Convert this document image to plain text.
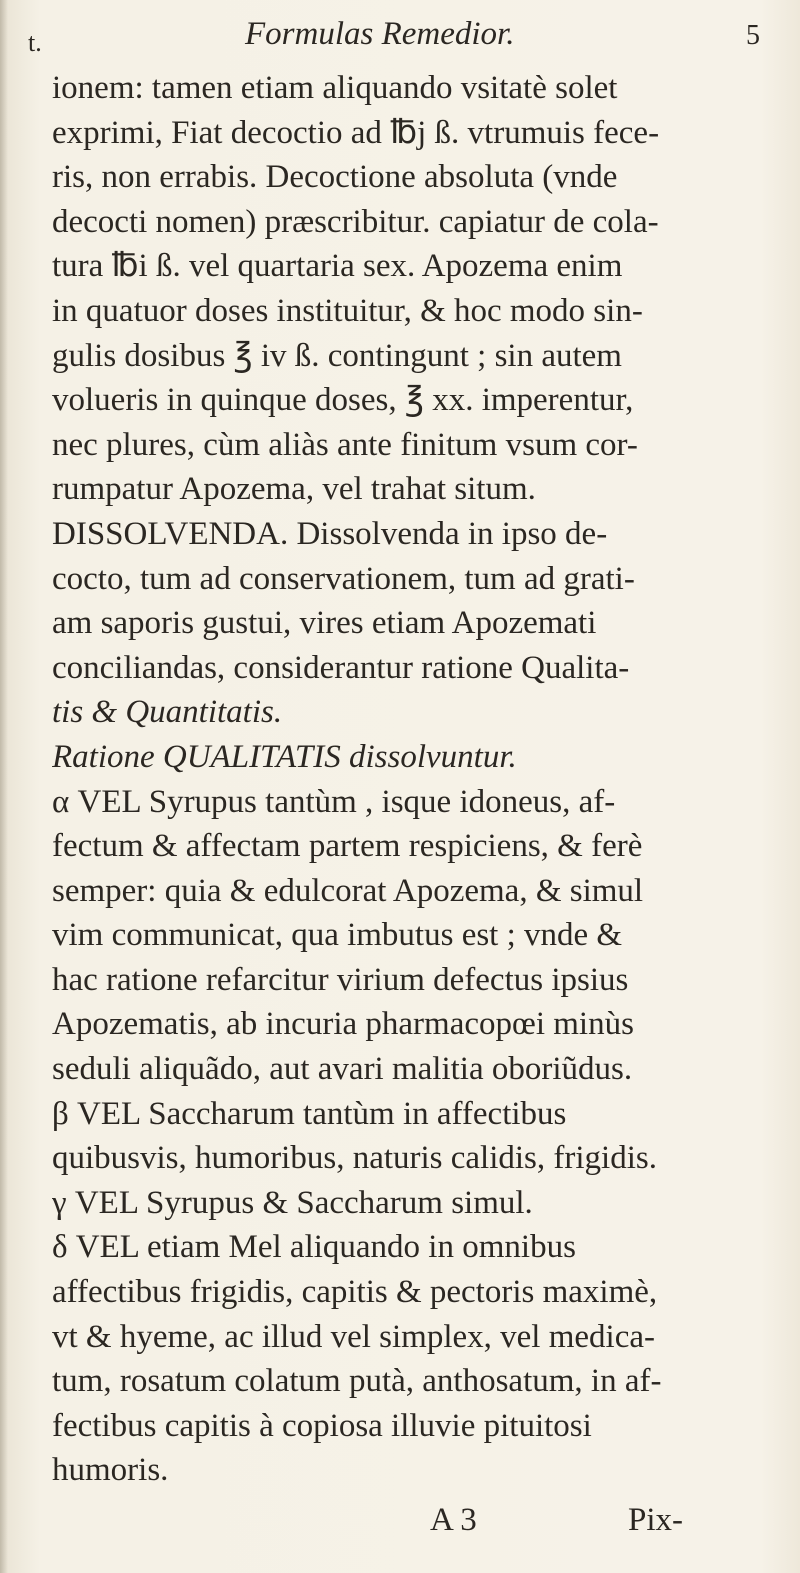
t.	Formulas Remedior.	5
ionem: tamen etiam aliquando vsitatè solet
exprimi, Fiat decoctio ad ℔j ß. vtrumuis fece-
ris, non errabis. Decoctione absoluta (vnde
decocti nomen) præscribitur. capiatur de cola-
tura ℔i ß. vel quartaria sex. Apozema enim
in quatuor doses instituitur, & hoc modo sin-
gulis dosibus ℥ iv ß. contingunt ; sin autem
volueris in quinque doses, ℥ xx. imperentur,
nec plures, cùm aliàs ante finitum vsum cor-
rumpatur Apozema, vel trahat situm.
DISSOLVENDA. Dissolvenda in ipso de-
cocto, tum ad conservationem, tum ad grati-
am saporis gustui, vires etiam Apozemati
conciliandas, considerantur ratione Qualita-
tis & Quantitatis.
Ratione QUALITATIS dissolvuntur.
α VEL Syrupus tantùm , isque idoneus, af-
fectum & affectam partem respiciens, & ferè
semper: quia & edulcorat Apozema, & simul
vim communicat, qua imbutus est ; vnde &
hac ratione refarcitur virium defectus ipsius
Apozematis, ab incuria pharmacopœi minùs
seduli aliquãdo, aut avari malitia oboriũdus.
β VEL Saccharum tantùm in affectibus
quibusvis, humoribus, naturis calidis, frigidis.
γ VEL Syrupus & Saccharum simul.
δ VEL etiam Mel aliquando in omnibus
affectibus frigidis, capitis & pectoris maximè,
vt & hyeme, ac illud vel simplex, vel medica-
tum, rosatum colatum putà, anthosatum, in af-
fectibus capitis à copiosa illuvie pituitosi
humoris.
A 3	Pix-
